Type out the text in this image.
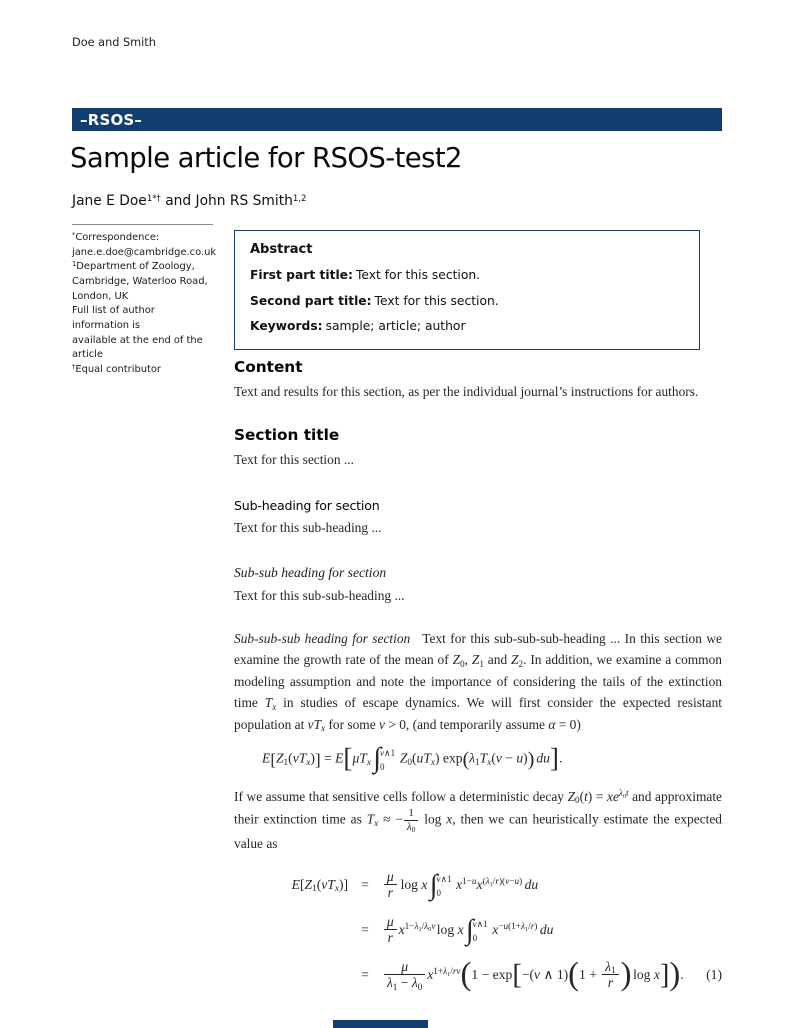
Doe and Smith
–RSOS–
Sample article for RSOS-test2
Jane E Doe$^{1*\dagger}$ and John RS Smith$^{1,2}$
*Correspondence:
jane.e.doe@cambridge.co.uk
$^1$Department of Zoology,
Cambridge, Waterloo Road,
London, UK
Full list of author information is
available at the end of the article
†Equal contributor
Abstract
First part title: Text for this section.
Second part title: Text for this section.
Keywords: sample; article; author
Content
Text and results for this section, as per the individual journal’s instructions for authors.
Section title
Text for this section ...
Sub-heading for section
Text for this sub-heading ...
Sub-sub heading for section
Text for this sub-sub-heading ...
Sub-sub-sub heading for section Text for this sub-sub-sub-heading ... In this section we examine the growth rate of the mean of Z0, Z1 and Z2. In addition, we examine a common modeling assumption and note the importance of considering the tails of the extinction time Tx in studies of escape dynamics. We will first consider the expected resistant population at vTx for some v > 0, (and temporarily assume α = 0)
E[Z1(vTx)] = E[μTx ∫
v∧1
0
Z0(uTx) exp(λ1Tx(v − u)) du].
If we assume that sensitive cells follow a deterministic decay $Z0(t) = xe^{\lambda 0t}$ and approximate their extinction time as Tx ≈ − $\frac{1}{\lambda 0}$ log x, then we can heuristically estimate the expected value as
$E[Z1(vTx)] = \frac{\mu}{r}$ log x ∫
v∧1
0
$x^{1-u}x^{(\lambda 1/r)(v-u)}$ du
= $\frac{\mu}{r} x^{1-\lambda 1/\lambda 0v}\log$ x ∫
v∧1
0
$x^{-u(1+\lambda 1/r)}$ du
= $\frac{\mu}{\lambda 1 - \lambda 0} x^{1+\lambda 1/rv}(1 - \exp[-(v$ ∧ $1)(1 + \frac{\lambda 1}{r}$ ) log x]). (1)
